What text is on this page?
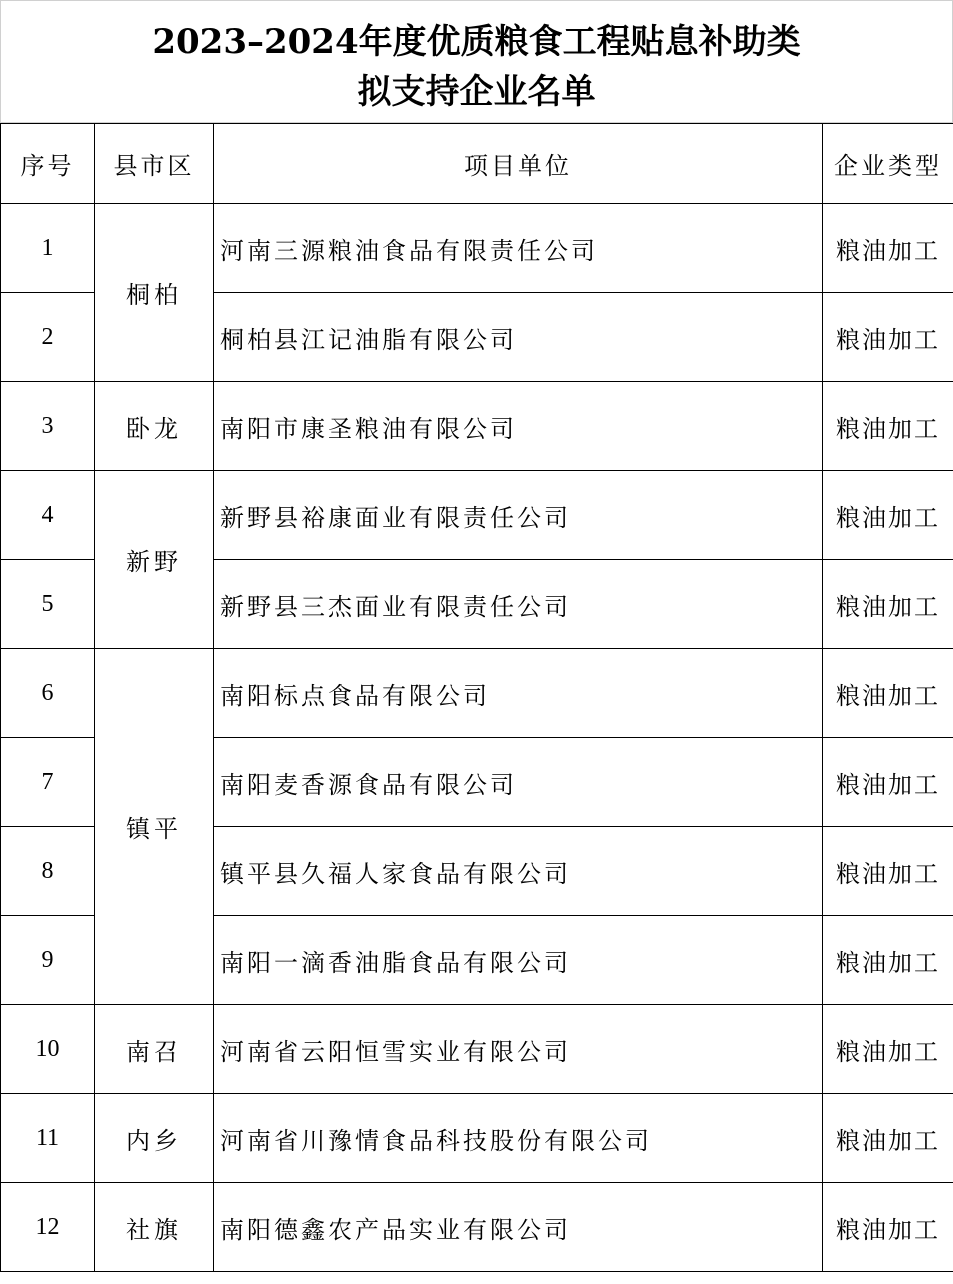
2023–2024年度优质粮食工程贴息补助类
拟支持企业名单
序号	县市区	项目单位	企业类型
1	桐柏	河南三源粮油食品有限责任公司	粮油加工
2		桐柏县江记油脂有限公司	粮油加工
3	卧龙	南阳市康圣粮油有限公司	粮油加工
4	新野	新野县裕康面业有限责任公司	粮油加工
5		新野县三杰面业有限责任公司	粮油加工
6	镇平	南阳标点食品有限公司	粮油加工
7		南阳麦香源食品有限公司	粮油加工
8		镇平县久福人家食品有限公司	粮油加工
9		南阳一滴香油脂食品有限公司	粮油加工
10	南召	河南省云阳恒雪实业有限公司	粮油加工
11	内乡	河南省川豫情食品科技股份有限公司	粮油加工
12	社旗	南阳德鑫农产品实业有限公司	粮油加工
